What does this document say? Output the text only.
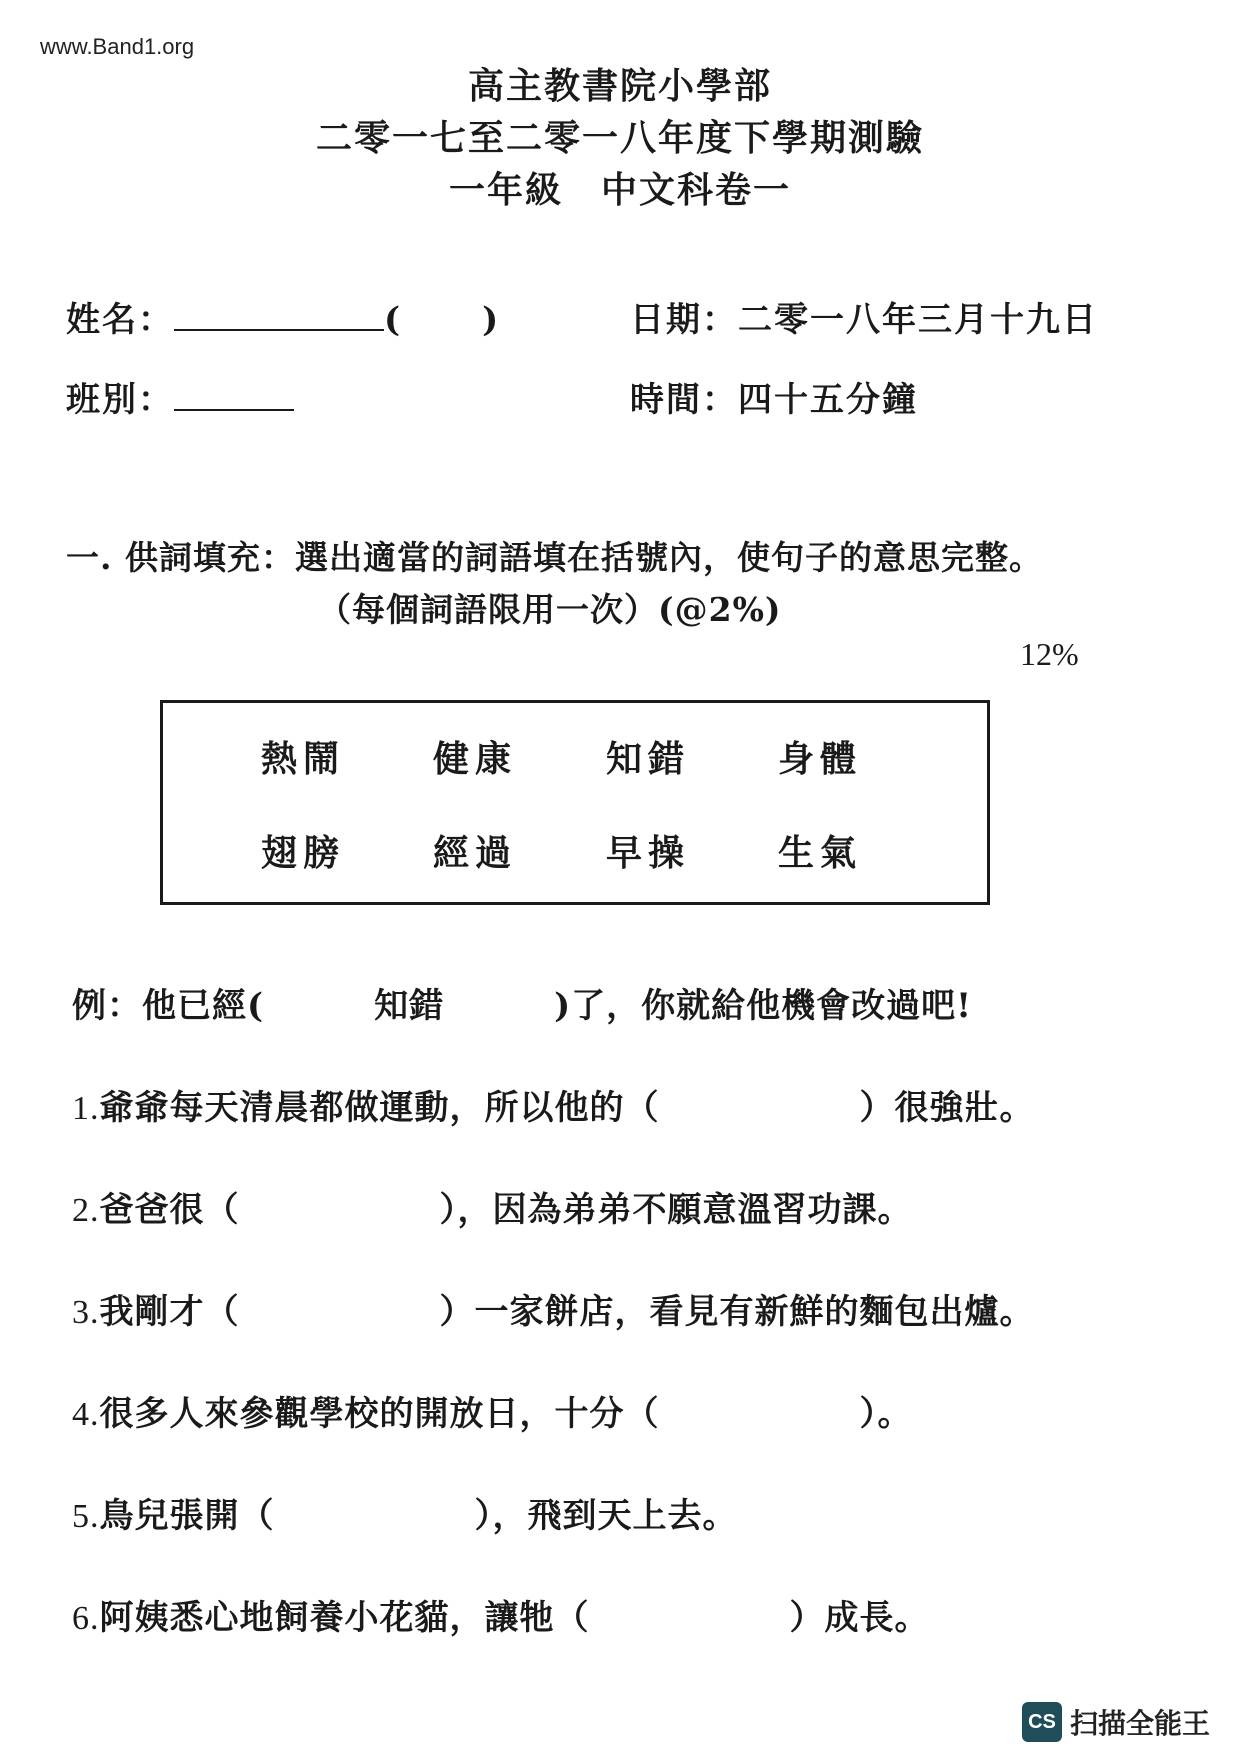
www.Band1.org
高主教書院小學部
二零一七至二零一八年度下學期測驗
一年級　中文科卷一
姓名：	( )
班別：
日期：二零一八年三月十九日
時間：四十五分鐘
一. 供詞填充：選出適當的詞語填在括號內，使句子的意思完整。
（每個詞語限用一次）(@2%)
12%
熱鬧 健康 知錯 身體
翅膀 經過 早操 生氣
例：他已經(	知錯	)了，你就給他機會改過吧!
1.爺爺每天清晨都做運動，所以他的（	）很強壯。
2.爸爸很（	），因為弟弟不願意溫習功課。
3.我剛才（	）一家餅店，看見有新鮮的麵包出爐。
4.很多人來參觀學校的開放日，十分（	）。
5.鳥兒張開（	），飛到天上去。
6.阿姨悉心地飼養小花貓，讓牠（	）成長。
CS 扫描全能王
